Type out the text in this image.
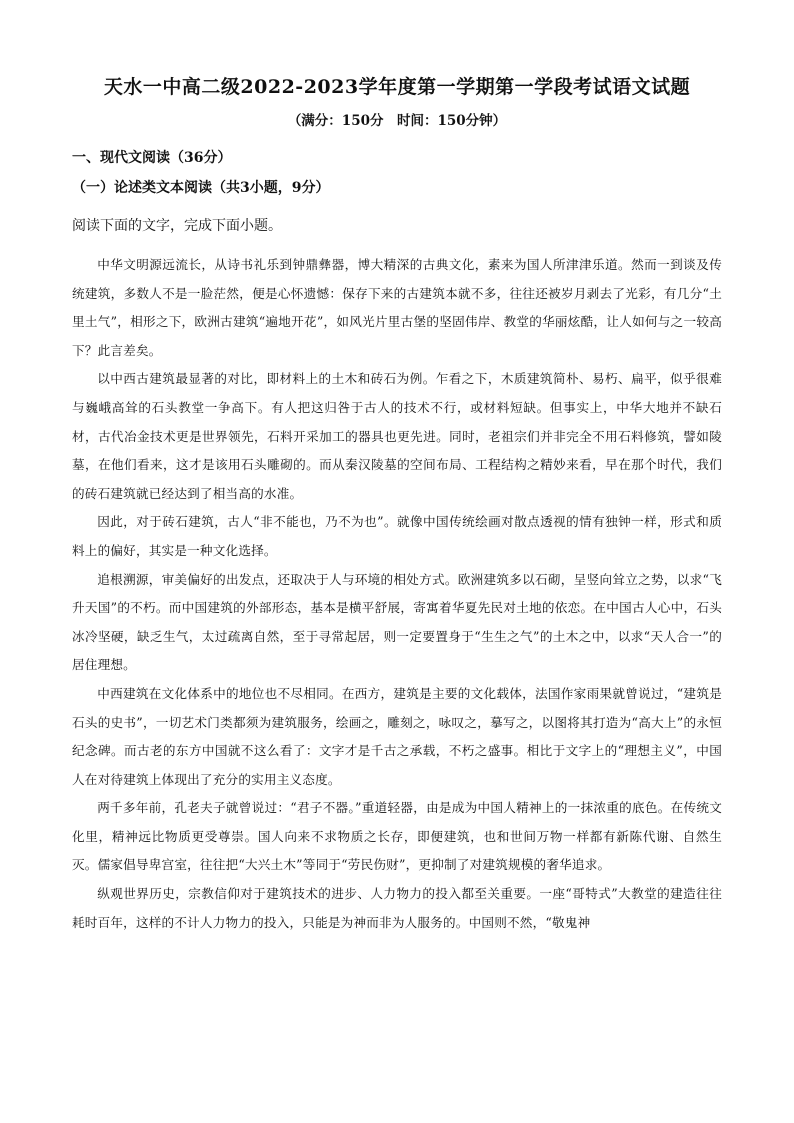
天水一中高二级2022-2023学年度第一学期第一学段考试语文试题
（满分：150分　时间：150分钟）
一、现代文阅读（36分）
（一）论述类文本阅读（共3小题，9分）
阅读下面的文字，完成下面小题。

中华文明源远流长，从诗书礼乐到钟鼎彝器，博大精深的古典文化，素来为国人所津津乐道。然而一到谈及传统建筑，多数人不是一脸茫然，便是心怀遗憾：保存下来的古建筑本就不多，往往还被岁月剥去了光彩，有几分“土里土气”，相形之下，欧洲古建筑“遍地开花”，如风光片里古堡的坚固伟岸、教堂的华丽炫酷，让人如何与之一较高下？此言差矣。

以中西古建筑最显著的对比，即材料上的土木和砖石为例。乍看之下，木质建筑简朴、易朽、扁平，似乎很难与巍峨高耸的石头教堂一争高下。有人把这归咎于古人的技术不行，或材料短缺。但事实上，中华大地并不缺石材，古代冶金技术更是世界领先，石料开采加工的器具也更先进。同时，老祖宗们并非完全不用石料修筑，譬如陵墓，在他们看来，这才是该用石头雕砌的。而从秦汉陵墓的空间布局、工程结构之精妙来看，早在那个时代，我们的砖石建筑就已经达到了相当高的水准。

因此，对于砖石建筑，古人“非不能也，乃不为也”。就像中国传统绘画对散点透视的情有独钟一样，形式和质料上的偏好，其实是一种文化选择。

追根溯源，审美偏好的出发点，还取决于人与环境的相处方式。欧洲建筑多以石砌，呈竖向耸立之势，以求“飞升天国”的不朽。而中国建筑的外部形态，基本是横平舒展，寄寓着华夏先民对土地的依恋。在中国古人心中，石头冰冷坚硬，缺乏生气，太过疏离自然，至于寻常起居，则一定要置身于“生生之气”的土木之中，以求“天人合一”的居住理想。

中西建筑在文化体系中的地位也不尽相同。在西方，建筑是主要的文化载体，法国作家雨果就曾说过，“建筑是石头的史书”，一切艺术门类都须为建筑服务，绘画之，雕刻之，咏叹之，摹写之，以图将其打造为“高大上”的永恒纪念碑。而古老的东方中国就不这么看了：文字才是千古之承载，不朽之盛事。相比于文字上的“理想主义”，中国人在对待建筑上体现出了充分的实用主义态度。

两千多年前，孔老夫子就曾说过：“君子不器。”重道轻器，由是成为中国人精神上的一抹浓重的底色。在传统文化里，精神远比物质更受尊崇。国人向来不求物质之长存，即便建筑，也和世间万物一样都有新陈代谢、自然生灭。儒家倡导卑宫室，往往把“大兴土木”等同于“劳民伤财”，更抑制了对建筑规模的奢华追求。

纵观世界历史，宗教信仰对于建筑技术的进步、人力物力的投入都至关重要。一座“哥特式”大教堂的建造往往耗时百年，这样的不计人力物力的投入，只能是为神而非为人服务的。中国则不然，“敬鬼神
